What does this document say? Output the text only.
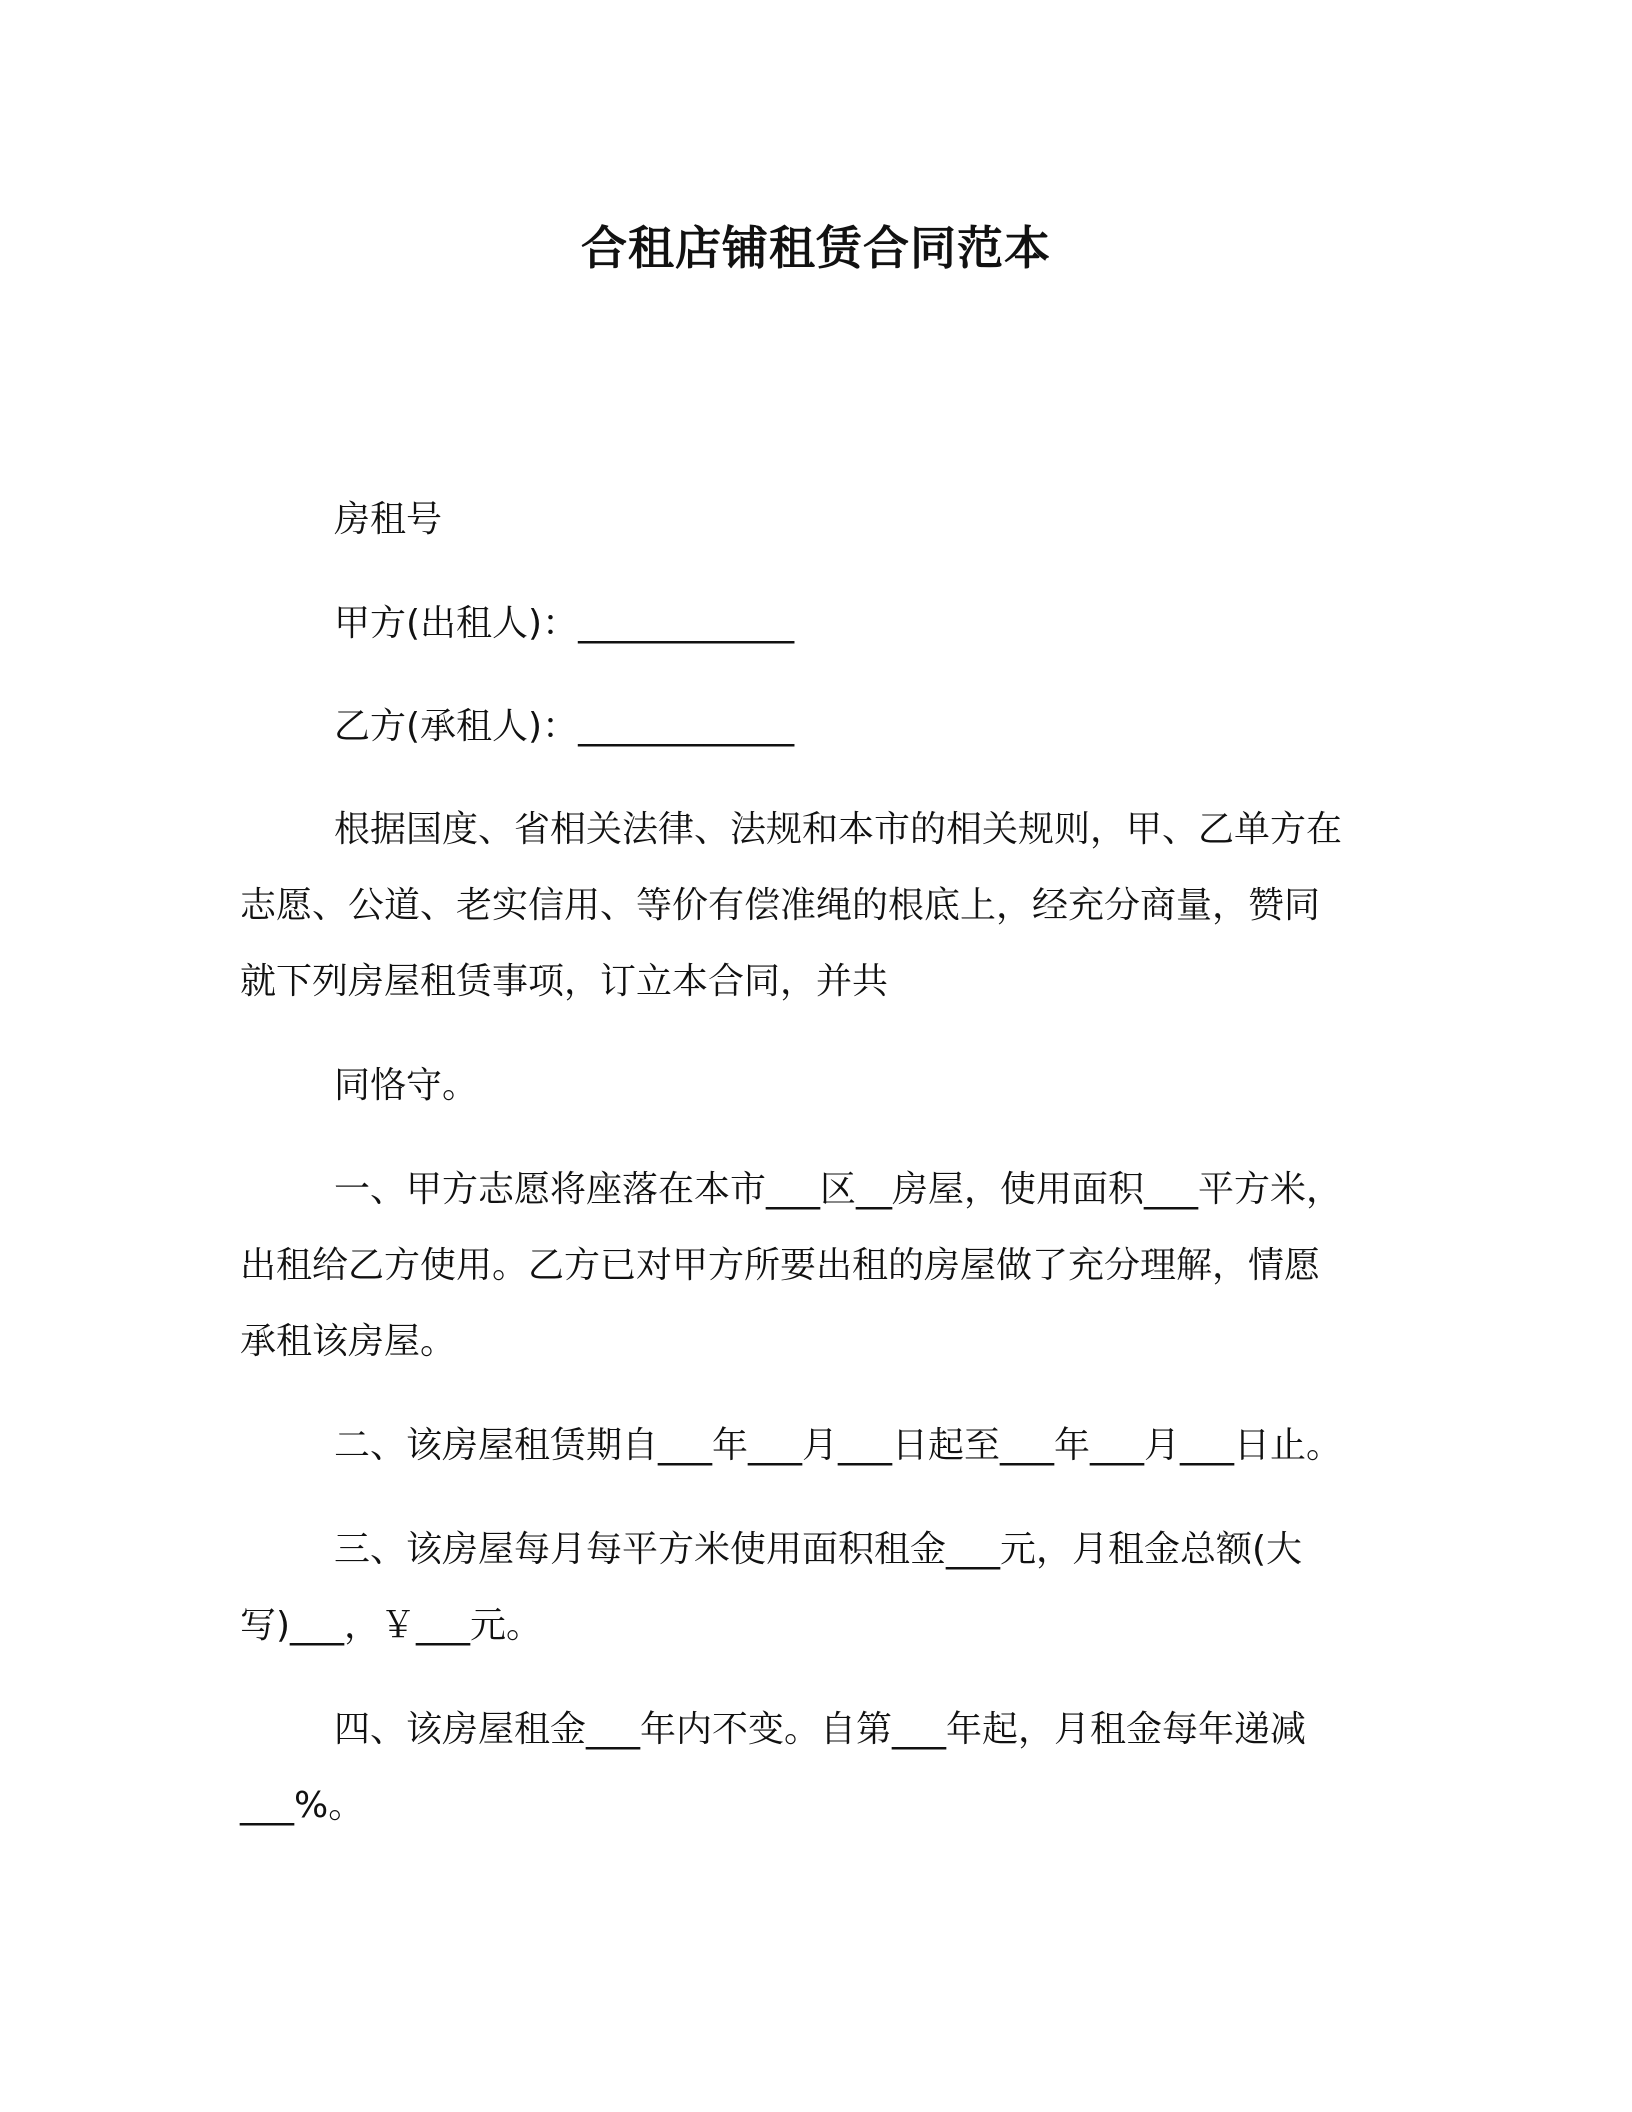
合租店铺租赁合同范本
房租号
甲方(出租人)：____________
乙方(承租人)：____________
根据国度、省相关法律、法规和本市的相关规则，甲、乙单方在
志愿、公道、老实信用、等价有偿准绳的根底上，经充分商量，赞同
就下列房屋租赁事项，订立本合同，并共
同恪守。
一、甲方志愿将座落在本市___区__房屋，使用面积___平方米，
出租给乙方使用。乙方已对甲方所要出租的房屋做了充分理解，情愿
承租该房屋。
二、该房屋租赁期自___年___月___日起至___年___月___日止。
三、该房屋每月每平方米使用面积租金___元，月租金总额(大
写)___，￥___元。
四、该房屋租金___年内不变。自第___年起，月租金每年递减
___%。
